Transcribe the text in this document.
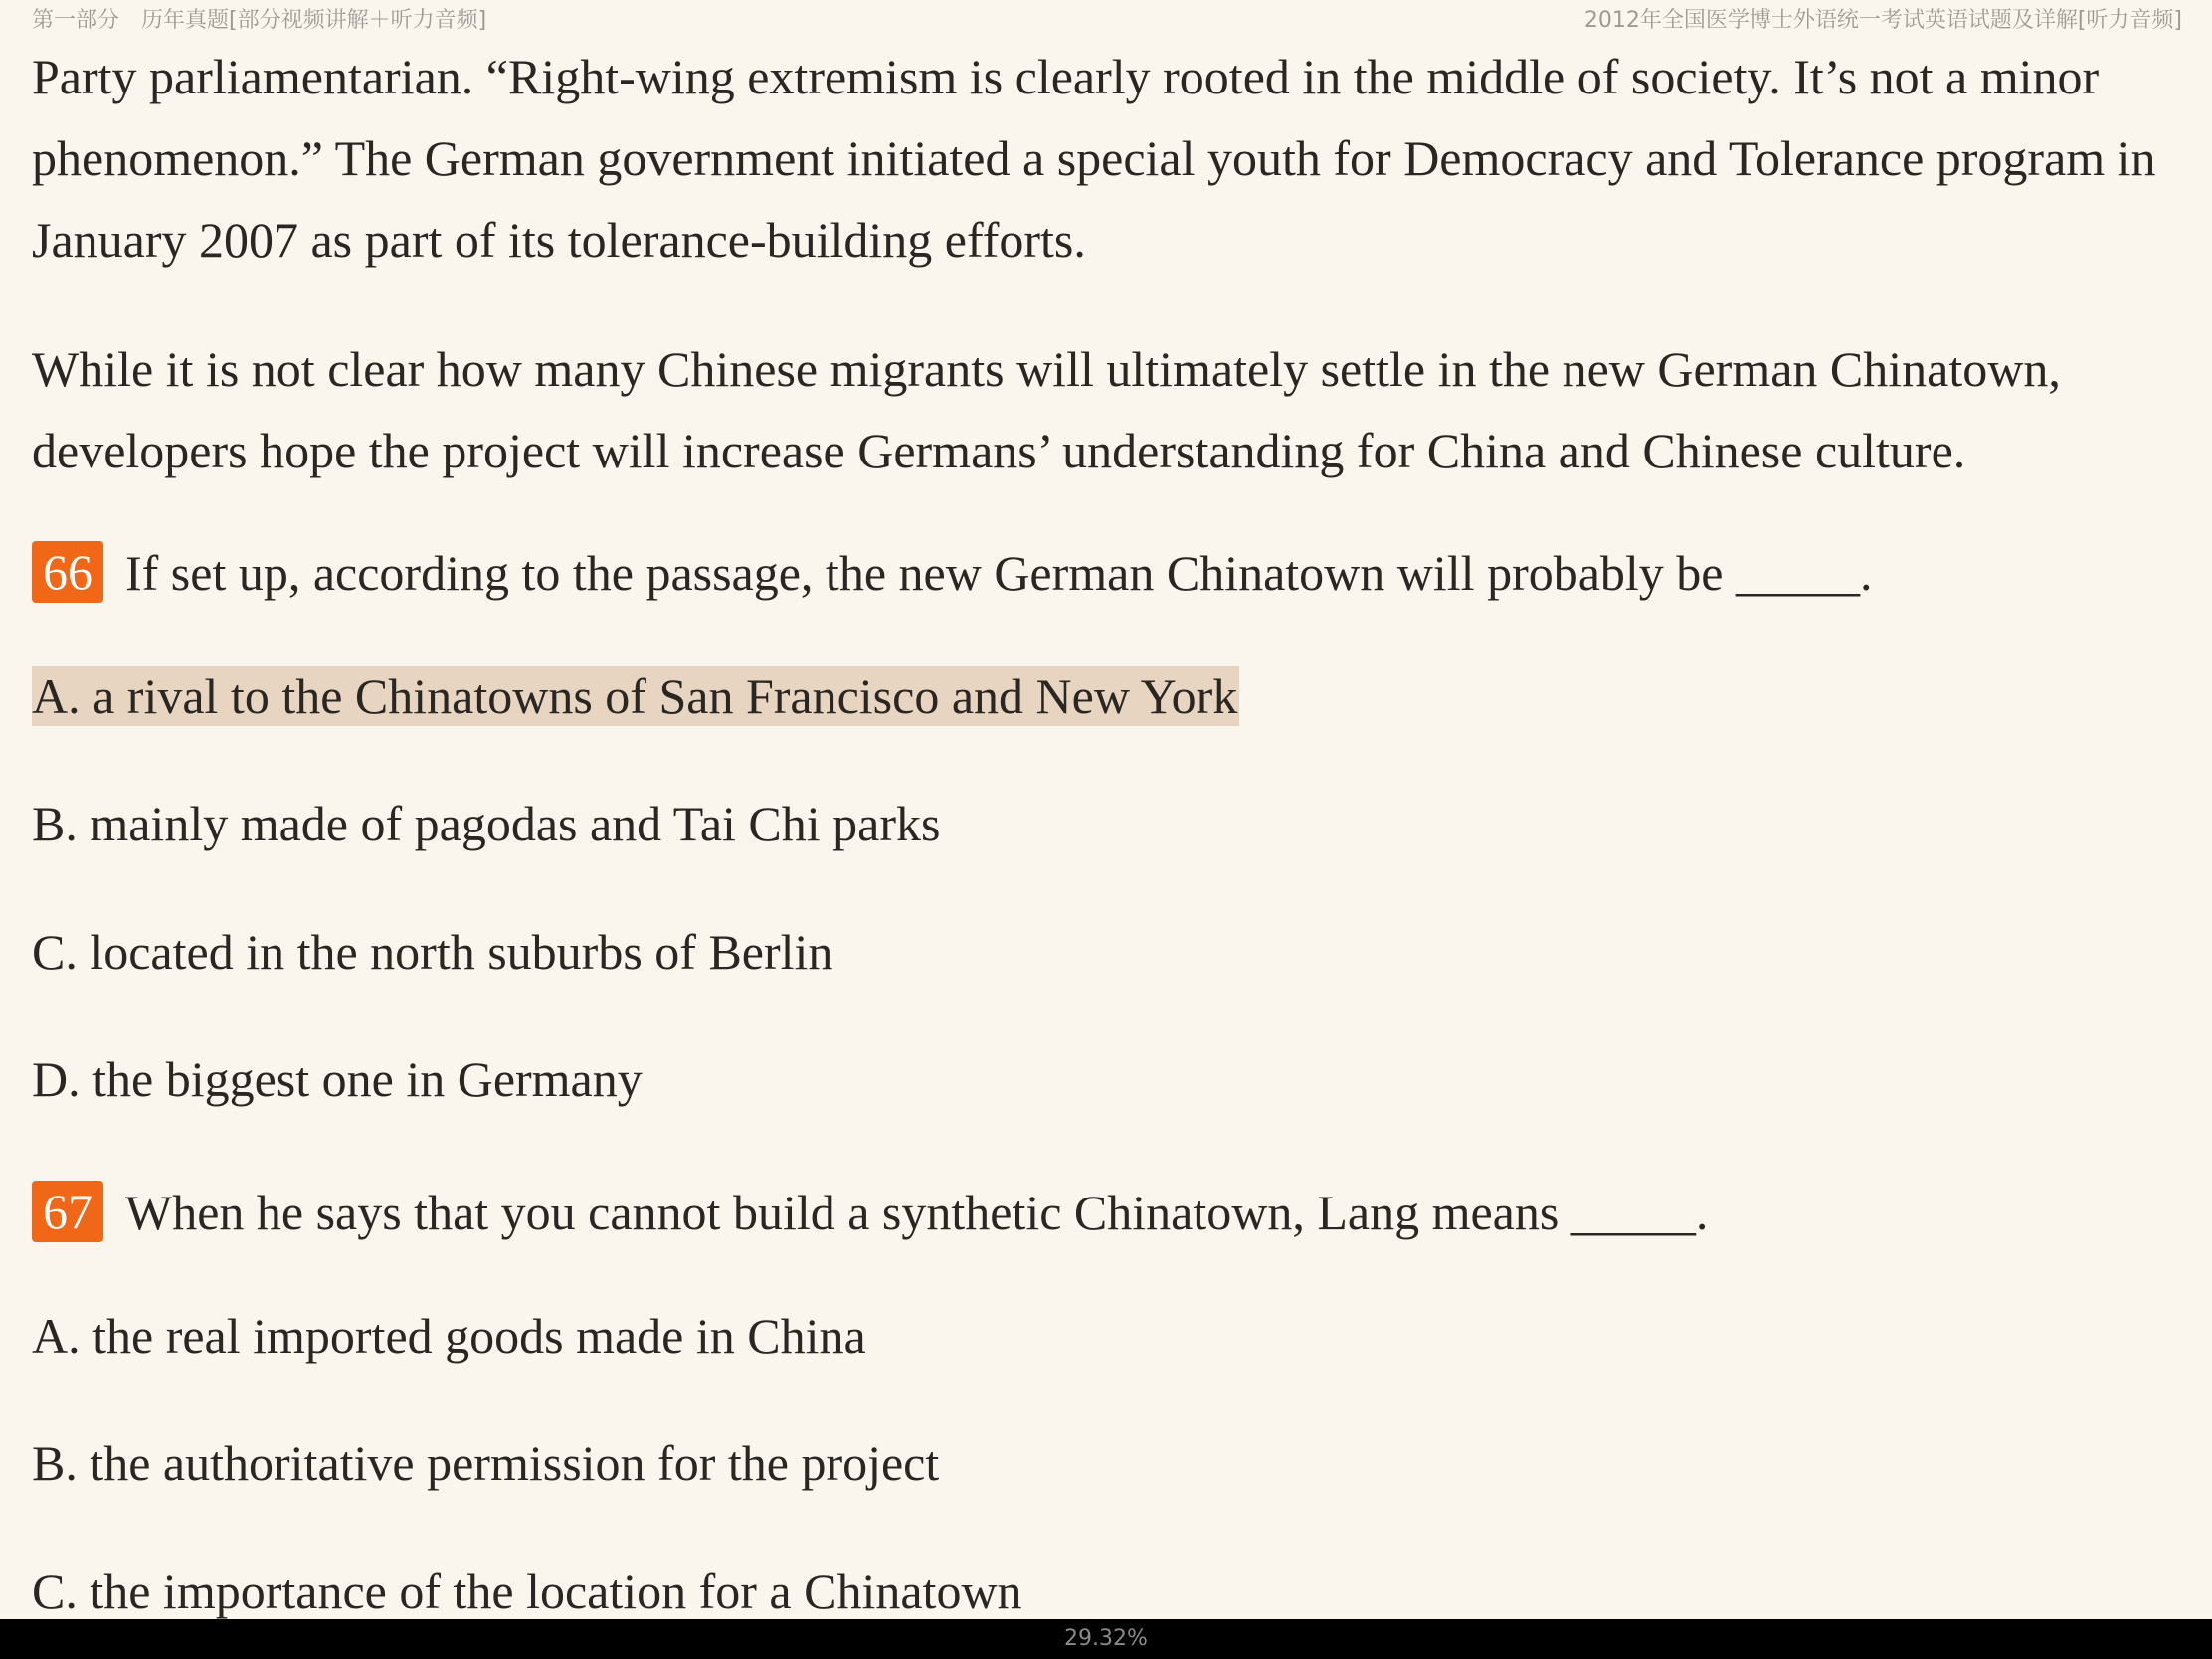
第一部分 历年真题[部分视频讲解＋听力音频]	2012年全国医学博士外语统一考试英语试题及详解[听力音频]

Party parliamentarian. “Right-wing extremism is clearly rooted in the middle of society. It’s not a minor phenomenon.” The German government initiated a special youth for Democracy and Tolerance program in January 2007 as part of its tolerance-building efforts.

While it is not clear how many Chinese migrants will ultimately settle in the new German Chinatown, developers hope the project will increase Germans’ understanding for China and Chinese culture.

66 If set up, according to the passage, the new German Chinatown will probably be _____.
A. a rival to the Chinatowns of San Francisco and New York
B. mainly made of pagodas and Tai Chi parks
C. located in the north suburbs of Berlin
D. the biggest one in Germany
67 When he says that you cannot build a synthetic Chinatown, Lang means _____.
A. the real imported goods made in China
B. the authoritative permission for the project
C. the importance of the location for a Chinatown
29.32%
